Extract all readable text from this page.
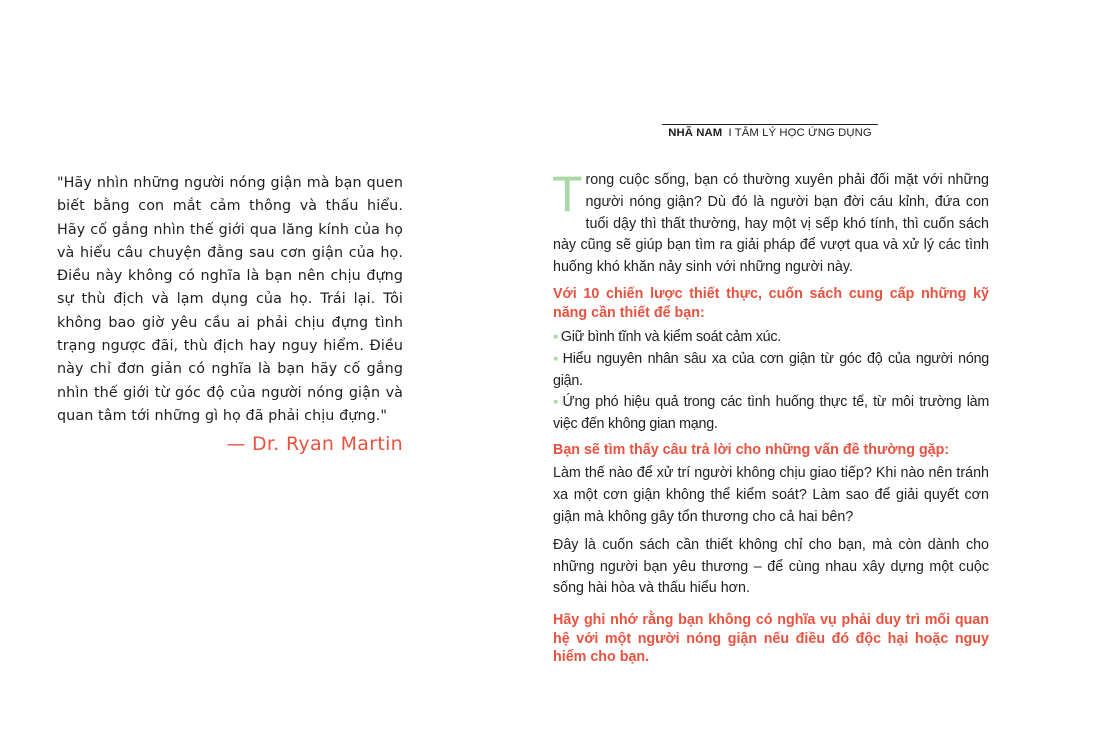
"Hãy nhìn những người nóng giận mà bạn quen biết bằng con mắt cảm thông và thấu hiểu. Hãy cố gắng nhìn thế giới qua lăng kính của họ và hiểu câu chuyện đằng sau cơn giận của họ. Điều này không có nghĩa là bạn nên chịu đựng sự thù địch và lạm dụng của họ. Trái lại. Tôi không bao giờ yêu cầu ai phải chịu đựng tình trạng ngược đãi, thù địch hay nguy hiểm. Điều này chỉ đơn giản có nghĩa là bạn hãy cố gắng nhìn thế giới từ góc độ của người nóng giận và quan tâm tới những gì họ đã phải chịu đựng."

— Dr. Ryan Martin
NHÃ NAM I TÂM LÝ HỌC ỨNG DỤNG

Trong cuộc sống, bạn có thường xuyên phải đối mặt với những người nóng giận? Dù đó là người bạn đời cáu kỉnh, đứa con tuổi dậy thì thất thường, hay một vị sếp khó tính, thì cuốn sách này cũng sẽ giúp bạn tìm ra giải pháp để vượt qua và xử lý các tình huống khó khăn nảy sinh với những người này.

Với 10 chiến lược thiết thực, cuốn sách cung cấp những kỹ năng cần thiết để bạn:

▪ Giữ bình tĩnh và kiểm soát cảm xúc.
▪ Hiểu nguyên nhân sâu xa của cơn giận từ góc độ của người nóng giận.
▪ Ứng phó hiệu quả trong các tình huống thực tế, từ môi trường làm việc đến không gian mạng.

Bạn sẽ tìm thấy câu trả lời cho những vấn đề thường gặp:

Làm thế nào để xử trí người không chịu giao tiếp? Khi nào nên tránh xa một cơn giận không thể kiểm soát? Làm sao để giải quyết cơn giận mà không gây tổn thương cho cả hai bên?

Đây là cuốn sách cần thiết không chỉ cho bạn, mà còn dành cho những người bạn yêu thương – để cùng nhau xây dựng một cuộc sống hài hòa và thấu hiểu hơn.

Hãy ghi nhớ rằng bạn không có nghĩa vụ phải duy trì mối quan hệ với một người nóng giận nếu điều đó độc hại hoặc nguy hiểm cho bạn.
